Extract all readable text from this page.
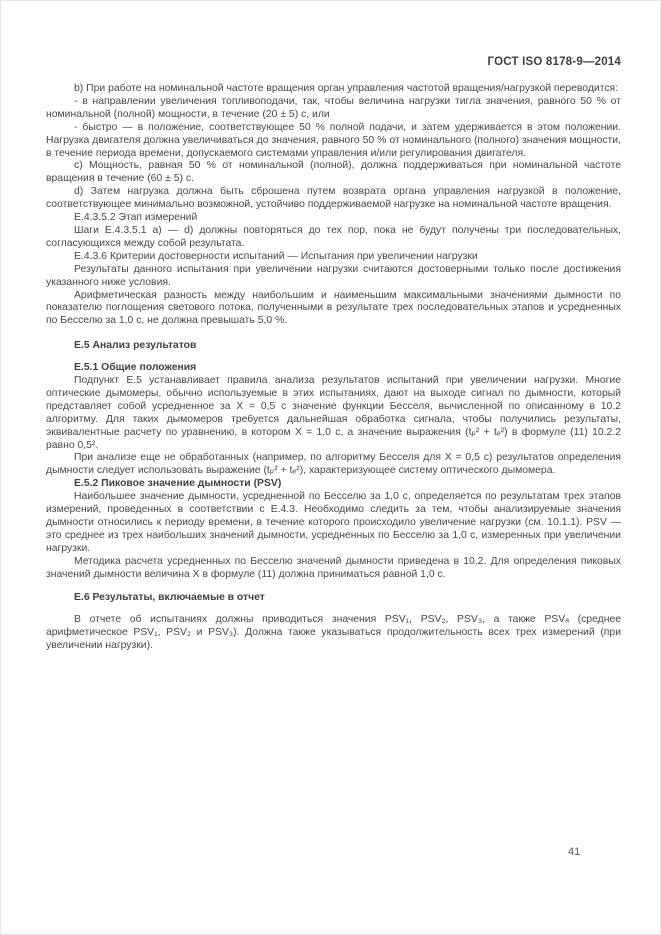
ГОСТ ISO 8178-9—2014

b) При работе на номинальной частоте вращения орган управления частотой вращения/нагрузкой переводится:

- в направлении увеличения топливоподачи, так, чтобы величина нагрузки тигла значения, равного 50 % от номинальной (полной) мощности, в течение (20 ± 5) с, или

- быстро — в положение, соответствующее 50 % полной подачи, и затем удерживается в этом положении. Нагрузка двигателя должна увеличиваться до значения, равного 50 % от номинального (полного) значения мощности, в течение периода времени, допускаемого системами управления и/или регулирования двигателя.

c) Мощность, равная 50 % от номинальной (полной), должна поддерживаться при номинальной частоте вращения в течение (60 ± 5) с.

d) Затем нагрузка должна быть сброшена путем возврата органа управления нагрузкой в положение, соответствующее минимально возможной, устойчиво поддерживаемой нагрузке на номинальной частоте вращения.

Е.4.3.5.2 Этап измерений

Шаги Е.4.3.5.1 a) — d) должны повторяться до тех пор, пока не будут получены три последовательных, согласующихся между собой результата.

Е.4.3.6 Критерии достоверности испытаний — Испытания при увеличении нагрузки

Результаты данного испытания при увеличении нагрузки считаются достоверными только после достижения указанного ниже условия.

Арифметическая разность между наибольшим и наименьшим максимальными значениями дымности по показателю поглощения светового потока, полученными в результате трех последовательных этапов и усредненных по Бесселю за 1,0 с, не должна превышать 5,0 %.

Е.5 Анализ результатов

Е.5.1 Общие положения

Подпункт Е.5 устанавливает правила анализа результатов испытаний при увеличении нагрузки. Многие оптические дымомеры, обычно используемые в этих испытаниях, дают на выходе сигнал по дымности, который представляет собой усредненное за X = 0,5 с значение функции Бесселя, вычисленной по описанному в 10.2 алгоритму. Для таких дымомеров требуется дальнейшая обработка сигнала, чтобы получились результаты, эквивалентные расчету по уравнению, в котором X = 1,0 с, а значение выражения (tₚ² + tₑ²) в формуле (11) 10.2.2 равно 0,5².

При анализе еще не обработанных (например, по алгоритму Бесселя для X = 0,5 с) результатов определения дымности следует использовать выражение (tₚ² + tₑ²), характеризующее систему оптического дымомера.

Е.5.2 Пиковое значение дымности (PSV)

Наибольшее значение дымности, усредненной по Бесселю за 1,0 с, определяется по результатам трех этапов измерений, проведенных в соответствии с Е.4.3. Необходимо следить за тем, чтобы анализируемые значения дымности относились к периоду времени, в течение которого происходило увеличение нагрузки (см. 10.1.1). PSV — это среднее из трех наибольших значений дымности, усредненных по Бесселю за 1,0 с, измеренных при увеличении нагрузки.

Методика расчета усредненных по Бесселю значений дымности приведена в 10.2. Для определения пиковых значений дымности величина X в формуле (11) должна приниматься равной 1,0 с.

Е.6 Результаты, включаемые в отчет

В отчете об испытаниях должны приводиться значения PSV₁, PSV₂, PSV₃, а также PSVₐ (среднее арифметическое PSV₁, PSV₂ и PSV₃). Должна также указываться продолжительность всех трех измерений (при увеличении нагрузки).

41
